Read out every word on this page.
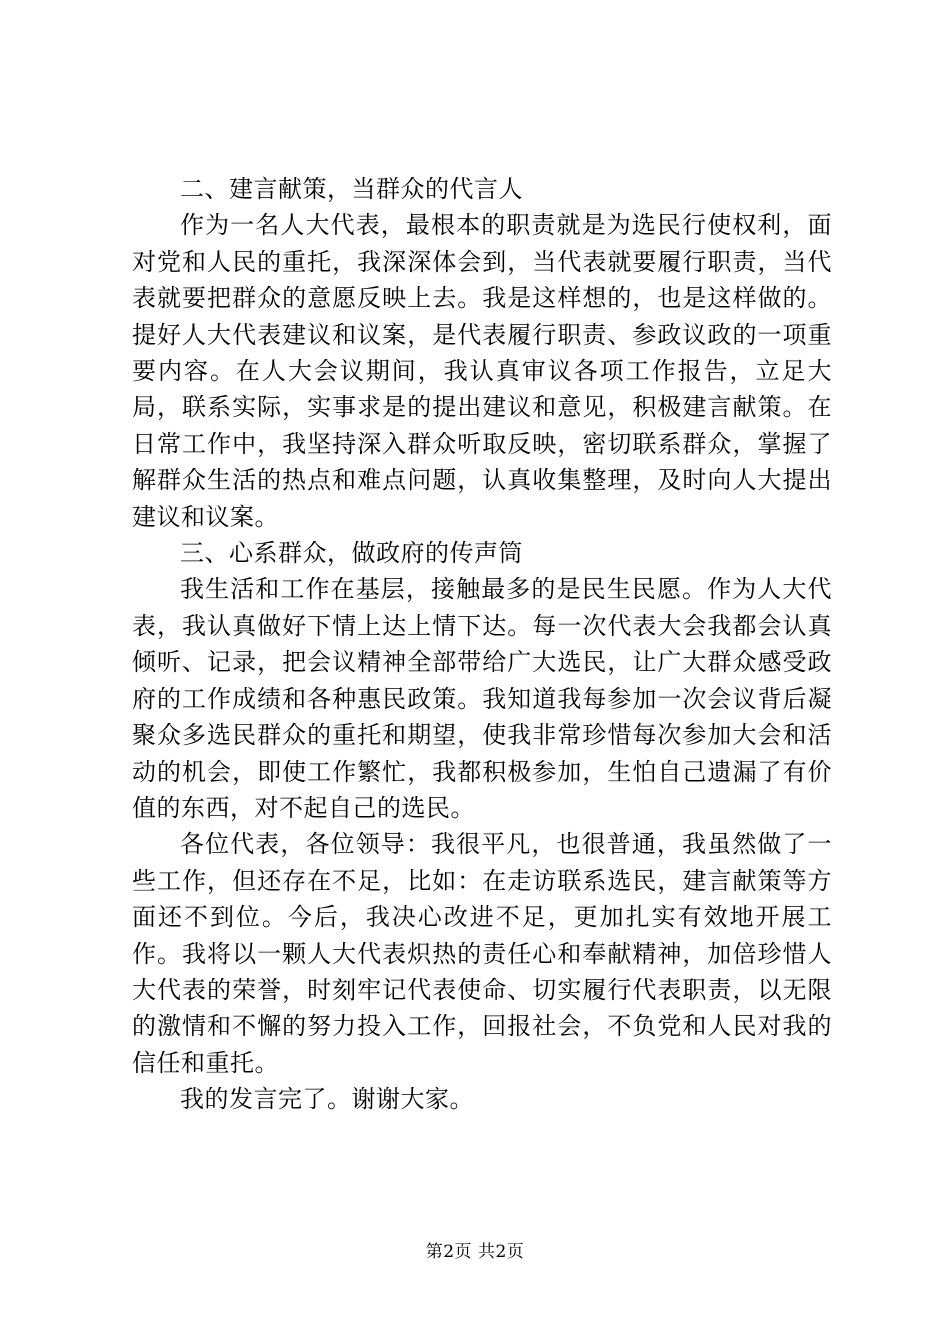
二、建言献策，当群众的代言人

作为一名人大代表，最根本的职责就是为选民行使权利，面对党和人民的重托，我深深体会到，当代表就要履行职责，当代表就要把群众的意愿反映上去。我是这样想的，也是这样做的。提好人大代表建议和议案，是代表履行职责、参政议政的一项重要内容。在人大会议期间，我认真审议各项工作报告，立足大局，联系实际，实事求是的提出建议和意见，积极建言献策。在日常工作中，我坚持深入群众听取反映，密切联系群众，掌握了解群众生活的热点和难点问题，认真收集整理，及时向人大提出建议和议案。

三、心系群众，做政府的传声筒

我生活和工作在基层，接触最多的是民生民愿。作为人大代表，我认真做好下情上达上情下达。每一次代表大会我都会认真倾听、记录，把会议精神全部带给广大选民，让广大群众感受政府的工作成绩和各种惠民政策。我知道我每参加一次会议背后凝聚众多选民群众的重托和期望，使我非常珍惜每次参加大会和活动的机会，即使工作繁忙，我都积极参加，生怕自己遗漏了有价值的东西，对不起自己的选民。

各位代表，各位领导：我很平凡，也很普通，我虽然做了一些工作，但还存在不足，比如：在走访联系选民，建言献策等方面还不到位。今后，我决心改进不足，更加扎实有效地开展工作。我将以一颗人大代表炽热的责任心和奉献精神，加倍珍惜人大代表的荣誉，时刻牢记代表使命、切实履行代表职责，以无限的激情和不懈的努力投入工作，回报社会，不负党和人民对我的信任和重托。

我的发言完了。谢谢大家。

第2页 共2页
